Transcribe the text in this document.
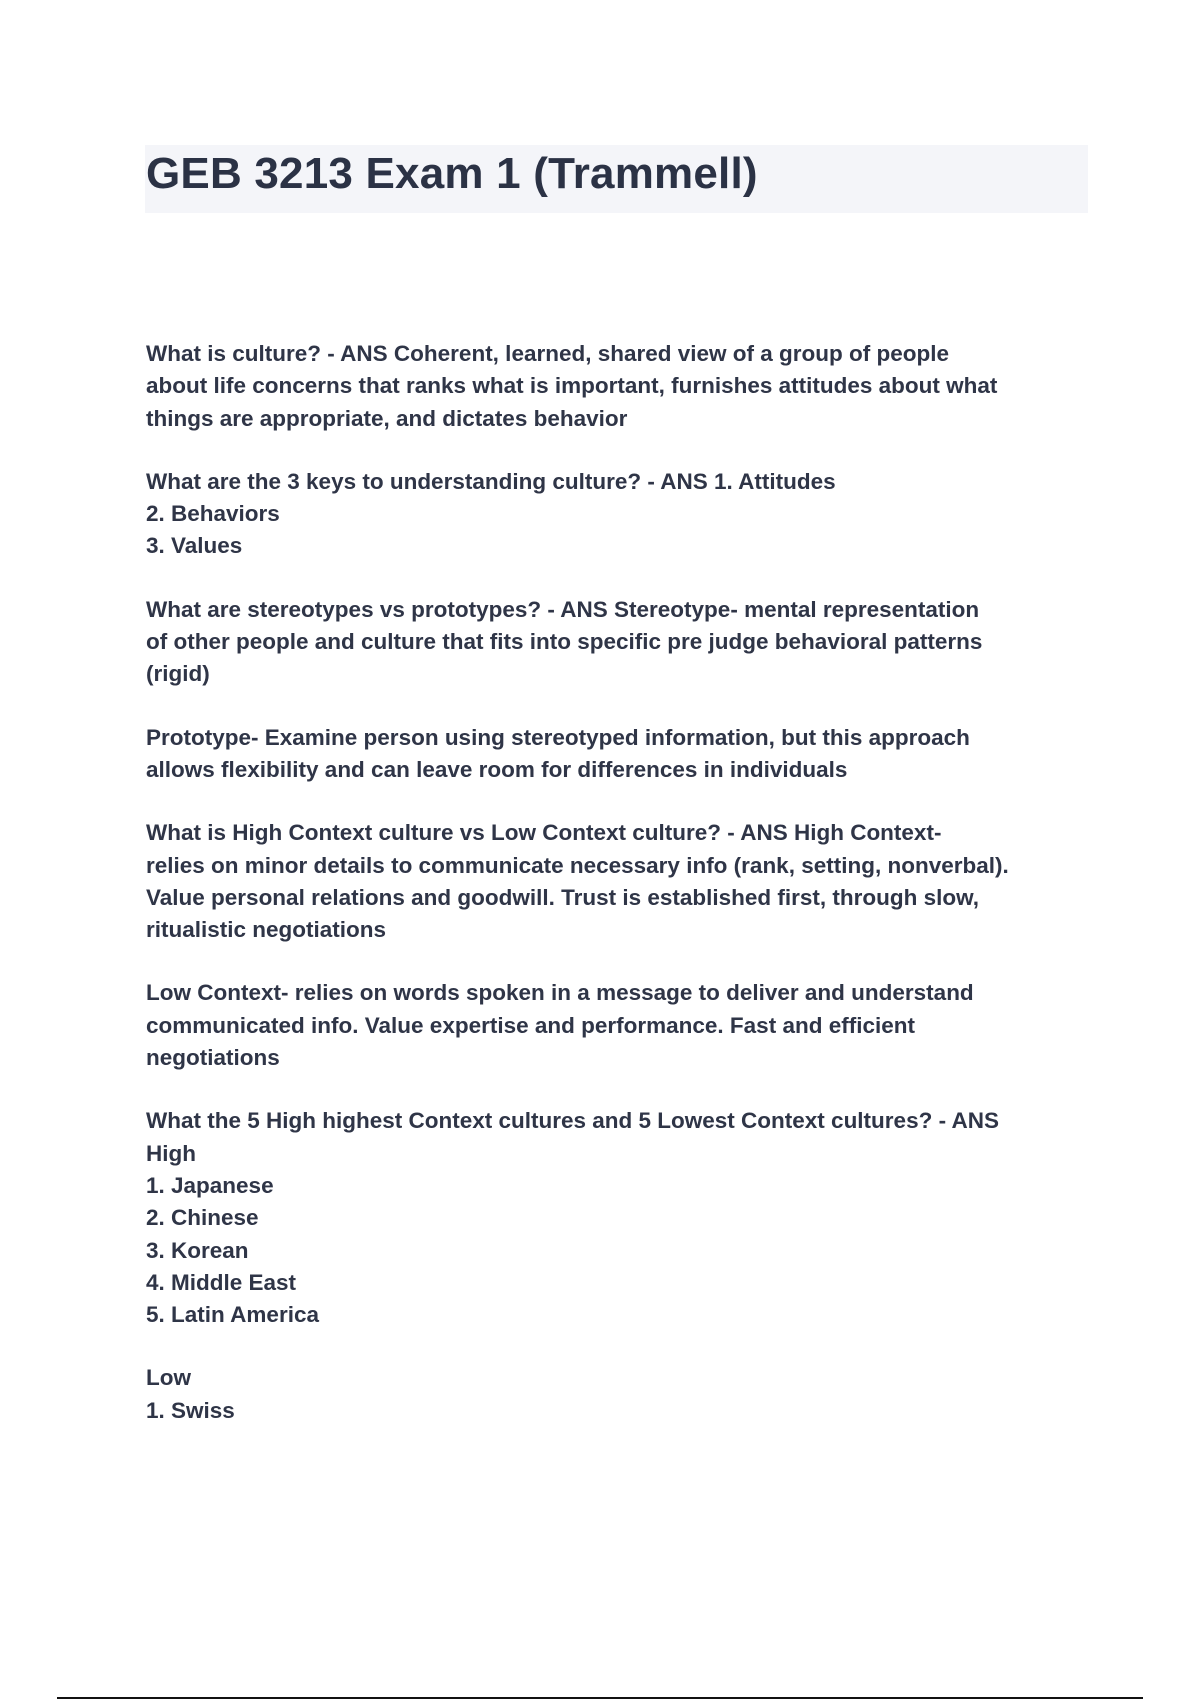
GEB 3213 Exam 1 (Trammell)

What is culture? - ANS Coherent, learned, shared view of a group of people
about life concerns that ranks what is important, furnishes attitudes about what
things are appropriate, and dictates behavior

What are the 3 keys to understanding culture? - ANS 1. Attitudes
2. Behaviors
3. Values

What are stereotypes vs prototypes? - ANS Stereotype- mental representation
of other people and culture that fits into specific pre judge behavioral patterns
(rigid)

Prototype- Examine person using stereotyped information, but this approach
allows flexibility and can leave room for differences in individuals

What is High Context culture vs Low Context culture? - ANS High Context-
relies on minor details to communicate necessary info (rank, setting, nonverbal).
Value personal relations and goodwill. Trust is established first, through slow,
ritualistic negotiations

Low Context- relies on words spoken in a message to deliver and understand
communicated info. Value expertise and performance. Fast and efficient
negotiations

What the 5 High highest Context cultures and 5 Lowest Context cultures? - ANS
High
1. Japanese
2. Chinese
3. Korean
4. Middle East
5. Latin America

Low
1. Swiss
